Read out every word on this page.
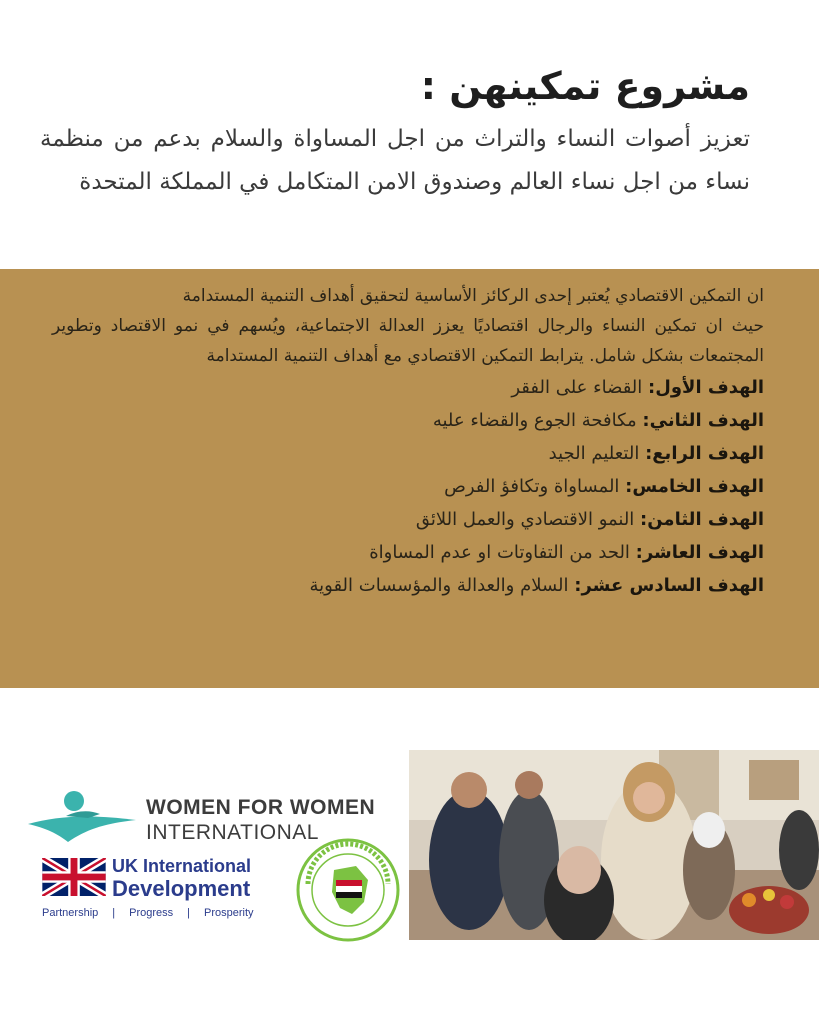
مشروع تمكينهن :
تعزيز أصوات النساء والتراث من اجل المساواة والسلام بدعم من منظمة نساء من اجل نساء العالم وصندوق الامن المتكامل في المملكة المتحدة
ان التمكين الاقتصادي يُعتبر إحدى الركائز الأساسية لتحقيق أهداف التنمية المستدامة
حيث ان تمكين النساء والرجال اقتصاديًا يعزز العدالة الاجتماعية، ويُسهم في نمو الاقتصاد وتطوير المجتمعات بشكل شامل. يترابط التمكين الاقتصادي مع أهداف التنمية المستدامة
الهدف الأول: القضاء على الفقر
الهدف الثاني: مكافحة الجوع والقضاء عليه
الهدف الرابع: التعليم الجيد
الهدف الخامس: المساواة وتكافؤ الفرص
الهدف الثامن: النمو الاقتصادي والعمل اللائق
الهدف العاشر: الحد من التفاوتات او عدم المساواة
الهدف السادس عشر: السلام والعدالة والمؤسسات القوية
WOMEN FOR WOMEN
INTERNATIONAL
UK International
Development
Partnership | Progress | Prosperity
